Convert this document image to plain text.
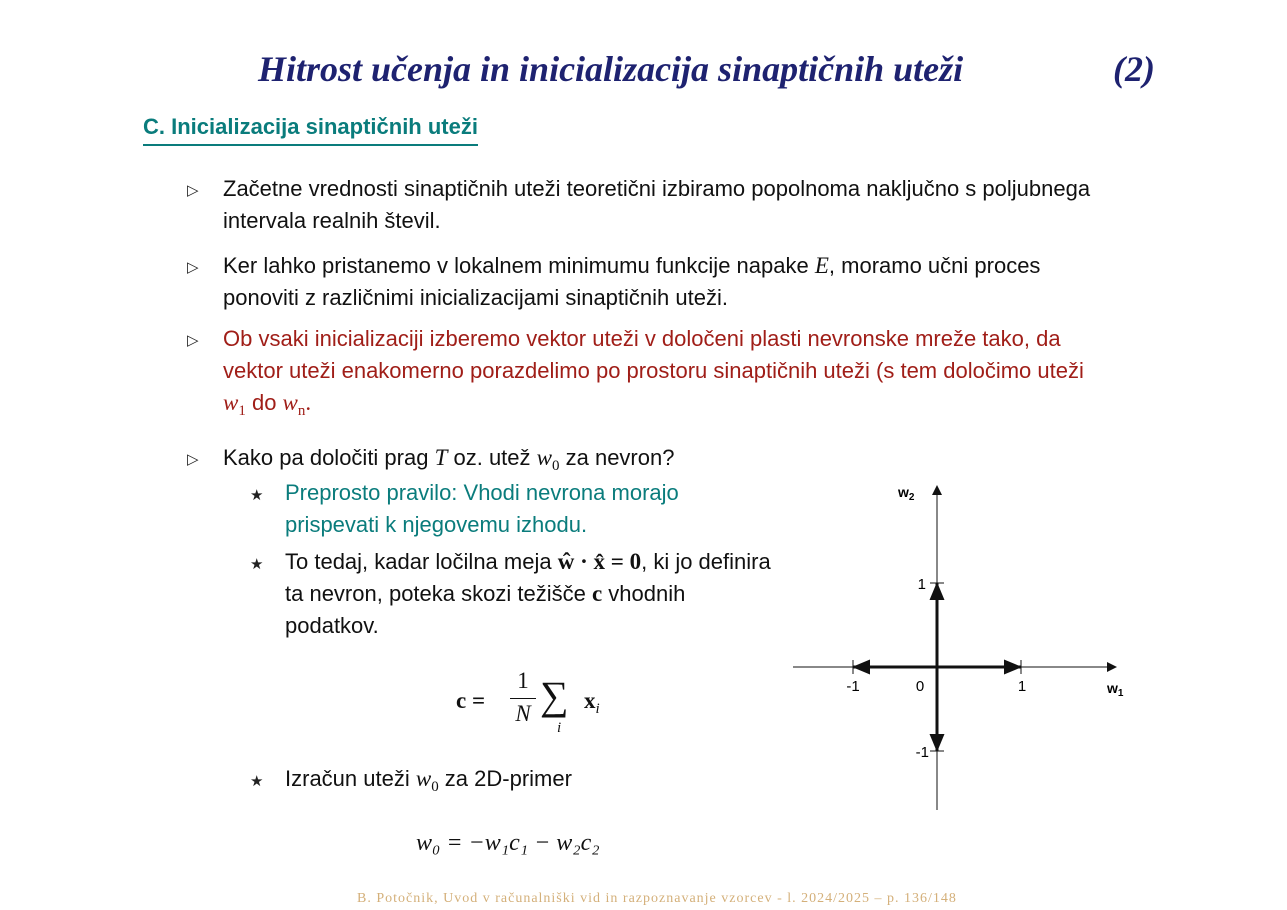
Hitrost učenja in inicializacija sinaptičnih uteži	(2)
C. Inicializacija sinaptičnih uteži
▷ Začetne vrednosti sinaptičnih uteži teoretični izbiramo popolnoma naključno s poljubnega intervala realnih števil.
▷ Ker lahko pristanemo v lokalnem minimumu funkcije napake E, moramo učni proces ponoviti z različnimi inicializacijami sinaptičnih uteži.
▷ Ob vsaki inicializaciji izberemo vektor uteži v določeni plasti nevronske mreže tako, da vektor uteži enakomerno porazdelimo po prostoru sinaptičnih uteži (s tem določimo uteži $w_1$ do $w_n$.
▷ Kako pa določiti prag T oz. utež $w_0$ za nevron?
★ Preprosto pravilo: Vhodi nevrona morajo prispevati k njegovemu izhodu.
★ To tedaj, kadar ločilna meja ŵ · x̂ = 0, ki jo definira ta nevron, poteka skozi težišče c vhodnih podatkov.
c =
1
N ∑
i
$x_i$
★ Izračun uteži $w_0$ za 2D-primer
w₀ = −w₁c₁ − w₂c₂
-1	0	1
1
-1
$w_1$
$w_2$
B. Potočnik, Uvod v računalniški vid in razpoznavanje vzorcev - l. 2024/2025 – p. 136/148
